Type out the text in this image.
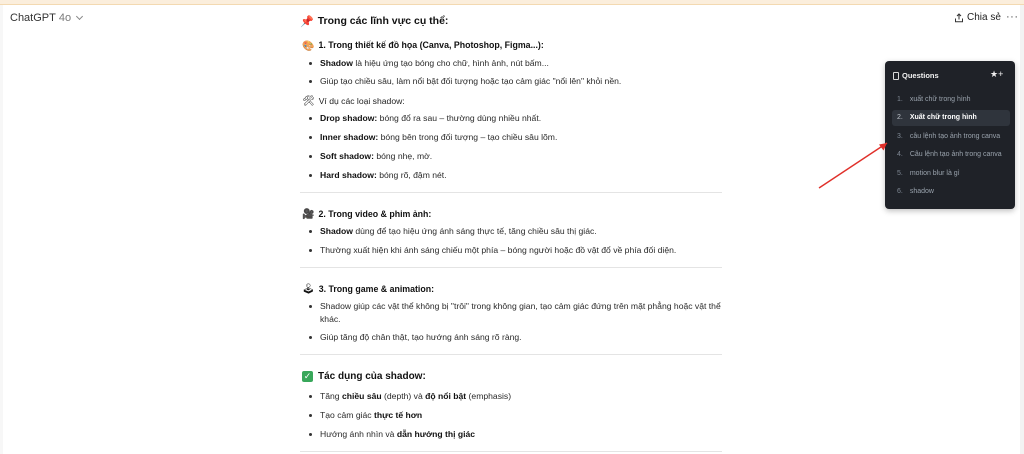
ChatGPT 4o	Chia sẻ ···
📌 Trong các lĩnh vực cụ thể:
🎨 1. Trong thiết kế đồ họa (Canva, Photoshop, Figma...):
Shadow là hiệu ứng tạo bóng cho chữ, hình ảnh, nút bấm...
Giúp tạo chiều sâu, làm nổi bật đối tượng hoặc tạo cảm giác "nổi lên" khỏi nền.
🛠 Ví dụ các loại shadow:
Drop shadow: bóng đổ ra sau – thường dùng nhiều nhất.
Inner shadow: bóng bên trong đối tượng – tạo chiều sâu lõm.
Soft shadow: bóng nhẹ, mờ.
Hard shadow: bóng rõ, đậm nét.
🎥 2. Trong video & phim ảnh:
Shadow dùng để tạo hiệu ứng ánh sáng thực tế, tăng chiều sâu thị giác.
Thường xuất hiện khi ánh sáng chiếu một phía – bóng người hoặc đồ vật đổ về phía đối diện.
🕹 3. Trong game & animation:
Shadow giúp các vật thể không bị "trôi" trong không gian, tạo cảm giác đứng trên mặt phẳng hoặc vật thể khác.
Giúp tăng độ chân thật, tạo hướng ánh sáng rõ ràng.
✓ Tác dụng của shadow:
Tăng chiều sâu (depth) và độ nổi bật (emphasis)
Tạo cảm giác thực tế hơn
Hướng ánh nhìn và dẫn hướng thị giác
Questions	★+
1. xuất chữ trong hình
2. Xuất chữ trong hình
3. câu lệnh tạo ảnh trong canva
4. Câu lệnh tạo ảnh trong canva
5. motion blur là gì
6. shadow
